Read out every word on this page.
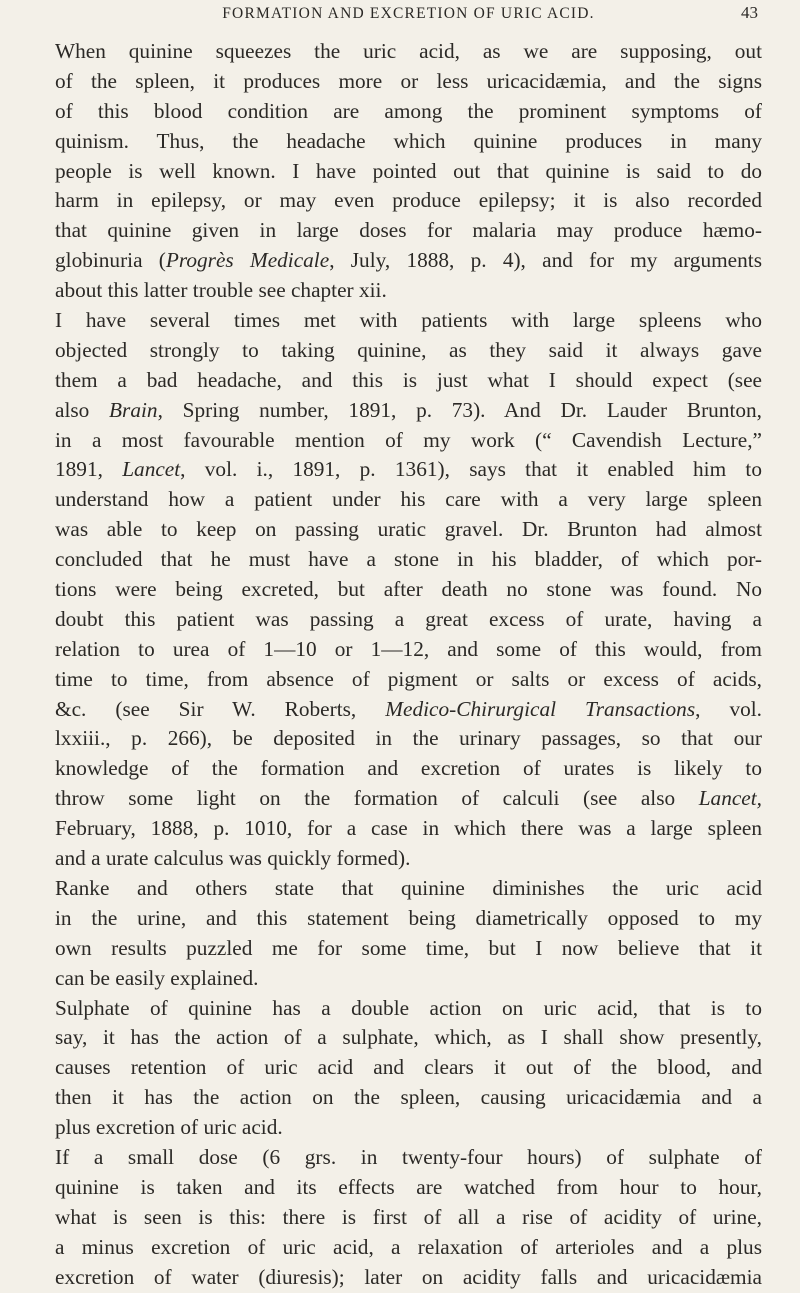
FORMATION AND EXCRETION OF URIC ACID.	43
When quinine squeezes the uric acid, as we are supposing, out
of the spleen, it produces more or less uricacidæmia, and the signs
of this blood condition are among the prominent symptoms of
quinism. Thus, the headache which quinine produces in many
people is well known. I have pointed out that quinine is said to do
harm in epilepsy, or may even produce epilepsy; it is also recorded
that quinine given in large doses for malaria may produce hæmo-
globinuria (Progrès Medicale, July, 1888, p. 4), and for my arguments
about this latter trouble see chapter xii.
I have several times met with patients with large spleens who
objected strongly to taking quinine, as they said it always gave
them a bad headache, and this is just what I should expect (see
also Brain, Spring number, 1891, p. 73). And Dr. Lauder Brunton,
in a most favourable mention of my work (“ Cavendish Lecture,”
1891, Lancet, vol. i., 1891, p. 1361), says that it enabled him to
understand how a patient under his care with a very large spleen
was able to keep on passing uratic gravel. Dr. Brunton had almost
concluded that he must have a stone in his bladder, of which por-
tions were being excreted, but after death no stone was found. No
doubt this patient was passing a great excess of urate, having a
relation to urea of 1—10 or 1—12, and some of this would, from
time to time, from absence of pigment or salts or excess of acids,
&c. (see Sir W. Roberts, Medico-Chirurgical Transactions, vol.
lxxiii., p. 266), be deposited in the urinary passages, so that our
knowledge of the formation and excretion of urates is likely to
throw some light on the formation of calculi (see also Lancet,
February, 1888, p. 1010, for a case in which there was a large spleen
and a urate calculus was quickly formed).
Ranke and others state that quinine diminishes the uric acid
in the urine, and this statement being diametrically opposed to my
own results puzzled me for some time, but I now believe that it
can be easily explained.
Sulphate of quinine has a double action on uric acid, that is to
say, it has the action of a sulphate, which, as I shall show presently,
causes retention of uric acid and clears it out of the blood, and
then it has the action on the spleen, causing uricacidæmia and a
plus excretion of uric acid.
If a small dose (6 grs. in twenty-four hours) of sulphate of
quinine is taken and its effects are watched from hour to hour,
what is seen is this: there is first of all a rise of acidity of urine,
a minus excretion of uric acid, a relaxation of arterioles and a plus
excretion of water (diuresis); later on acidity falls and uricacidæmia
